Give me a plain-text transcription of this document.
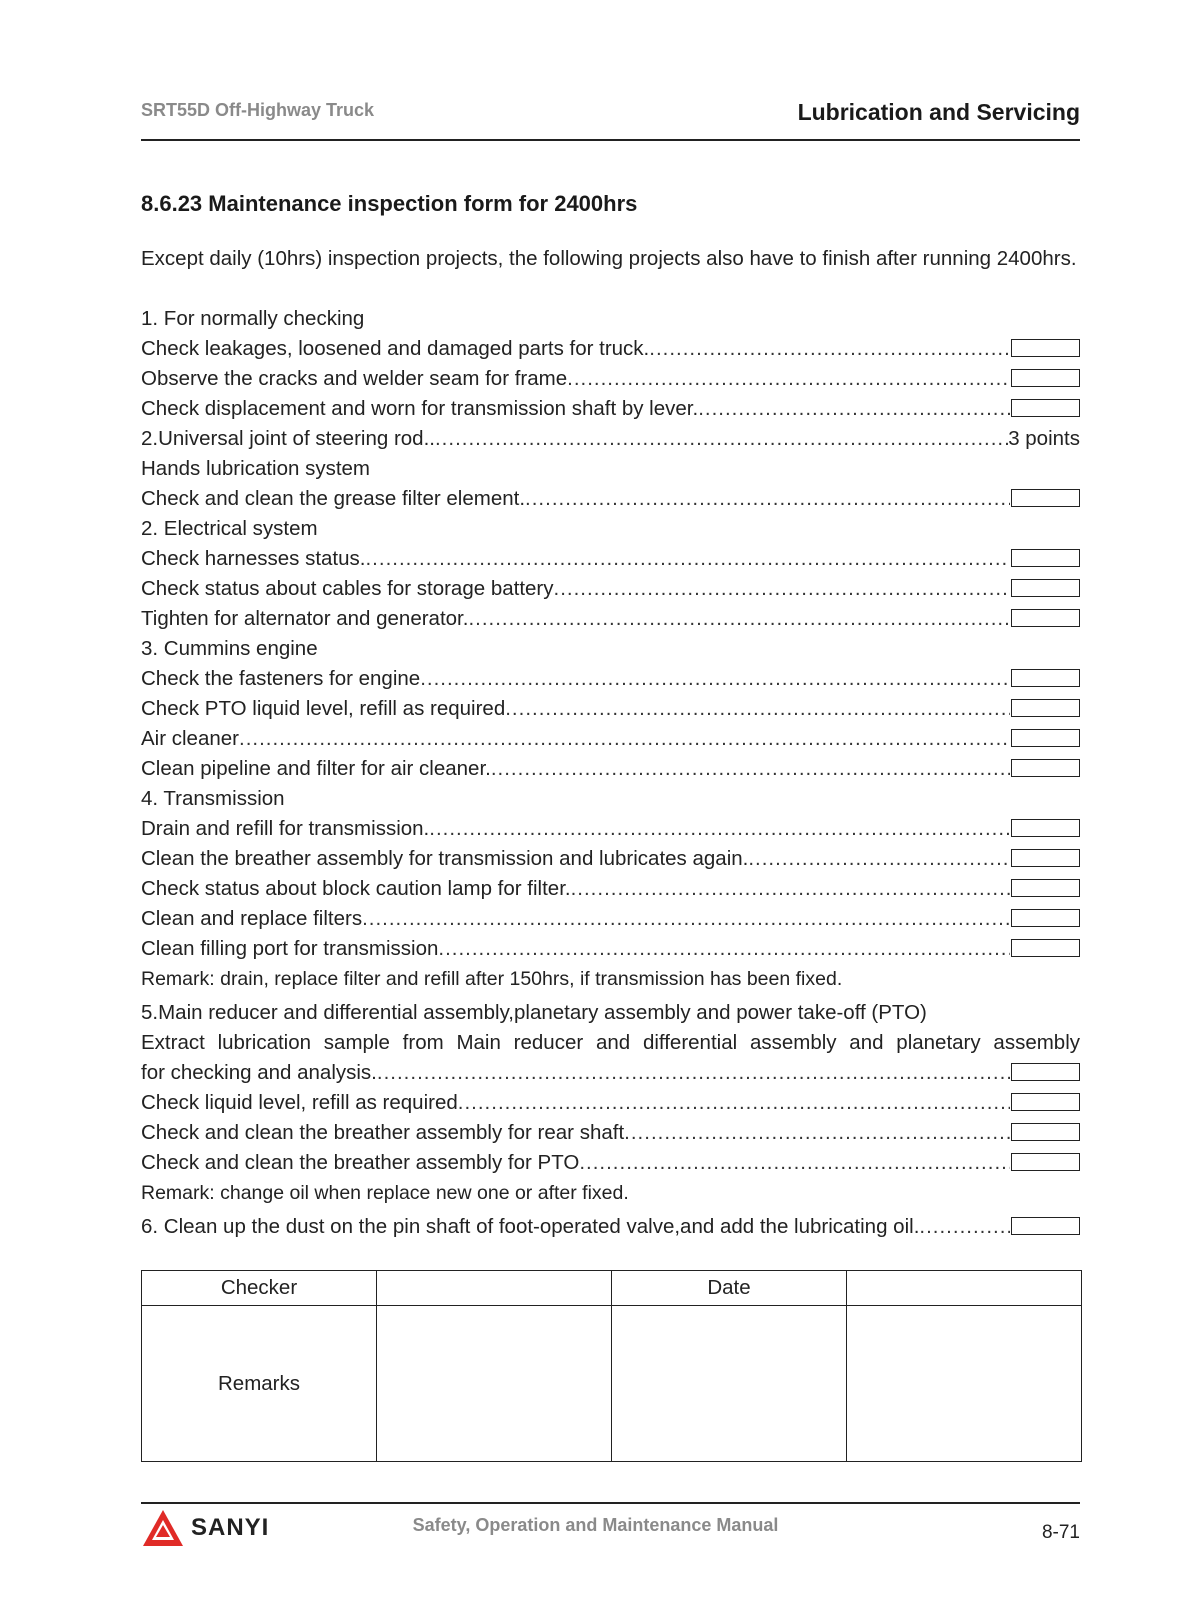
SRT55D Off-Highway Truck	Lubrication and Servicing
8.6.23 Maintenance inspection form for 2400hrs
Except daily (10hrs) inspection projects, the following projects also have to finish after running 2400hrs.
1. For normally checking
Check leakages, loosened and damaged parts for truck.
.....
Observe the cracks and welder seam for frame
.....
Check displacement and worn for transmission shaft by lever.
.....
2.Universal joint of steering rod.. .....	3 points
Hands lubrication system
Check and clean the grease filter element.
.....
2. Electrical system
Check harnesses status.
.....
Check status about cables for storage battery
.....
Tighten for alternator and generator.
.....
3. Cummins engine
Check the fasteners for engine
.....
Check PTO liquid level, refill as required
.....
Air cleaner
.....
Clean pipeline and filter for air cleaner.
.....
4. Transmission
Drain and refill for transmission.
.....
Clean the breather assembly for transmission and lubricates again.
.....
Check status about block caution lamp for filter.
.....
Clean and replace filters
.....
Clean filling port for transmission
.....
Remark: drain, replace filter and refill after 150hrs, if transmission has been fixed.
5.Main reducer and differential assembly,planetary assembly and power take-off (PTO)
Extract lubrication sample from Main reducer and differential assembly and planetary assembly
for checking and analysis.
.....
Check liquid level, refill as required
.....
Check and clean the breather assembly for rear shaft
.....
Check and clean the breather assembly for PTO
.....
Remark: change oil when replace new one or after fixed.
6. Clean up the dust on the pin shaft of foot-operated valve,and add the lubricating oil.
.....
Checker		Date	
Remarks			
SANYI	Safety, Operation and Maintenance Manual	8-71
